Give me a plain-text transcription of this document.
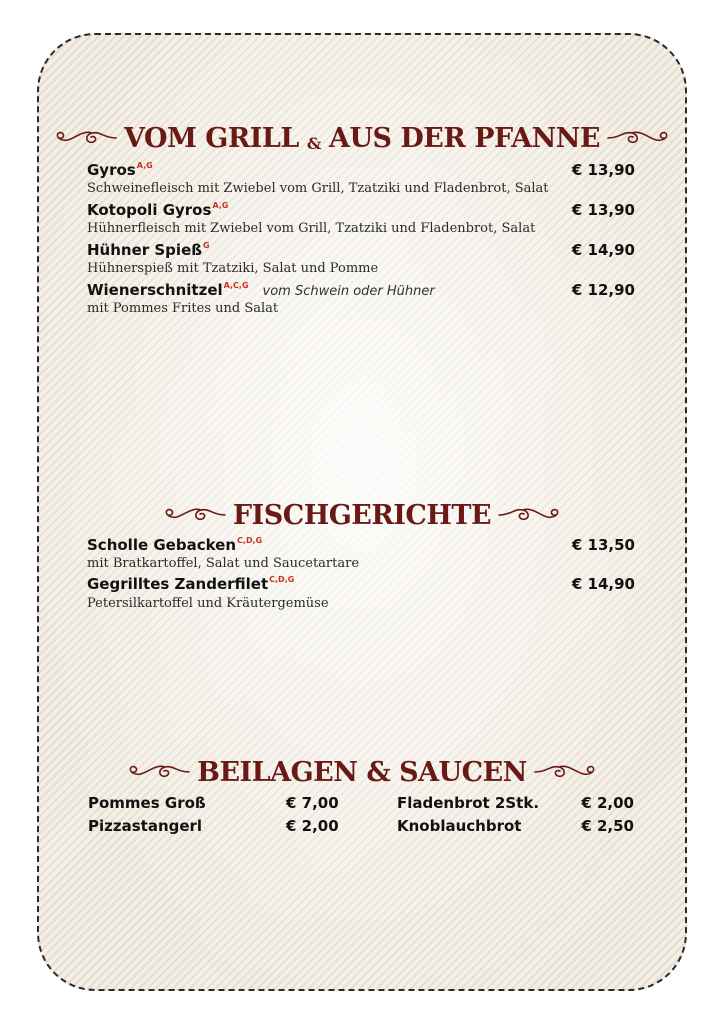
VOM GRILL & AUS DER PFANNE
Gyros$^{A,G}$	€ 13,90
Schweinefleisch mit Zwiebel vom Grill, Tzatziki und Fladenbrot, Salat
Kotopoli Gyros$^{A,G}$	€ 13,90
Hühnerfleisch mit Zwiebel vom Grill, Tzatziki und Fladenbrot, Salat
Hühner Spieß$^G$	€ 14,90
Hühnerspieß mit Tzatziki, Salat und Pomme
Wienerschnitzel$^{A,C,G}$ vom Schwein oder Hühner	€ 12,90
mit Pommes Frites und Salat
FISCHGERICHTE
Scholle Gebacken$^{C,D,G}$	€ 13,50
mit Bratkartoffel, Salat und Saucetartare
Gegrilltes Zanderfilet$^{C,D,G}$	€ 14,90
Petersilkartoffel und Kräutergemüse
BEILAGEN & SAUCEN
Pommes Groß	€ 7,00	Fladenbrot 2Stk.	€ 2,00
Pizzastangerl	€ 2,00	Knoblauchbrot	€ 2,50
